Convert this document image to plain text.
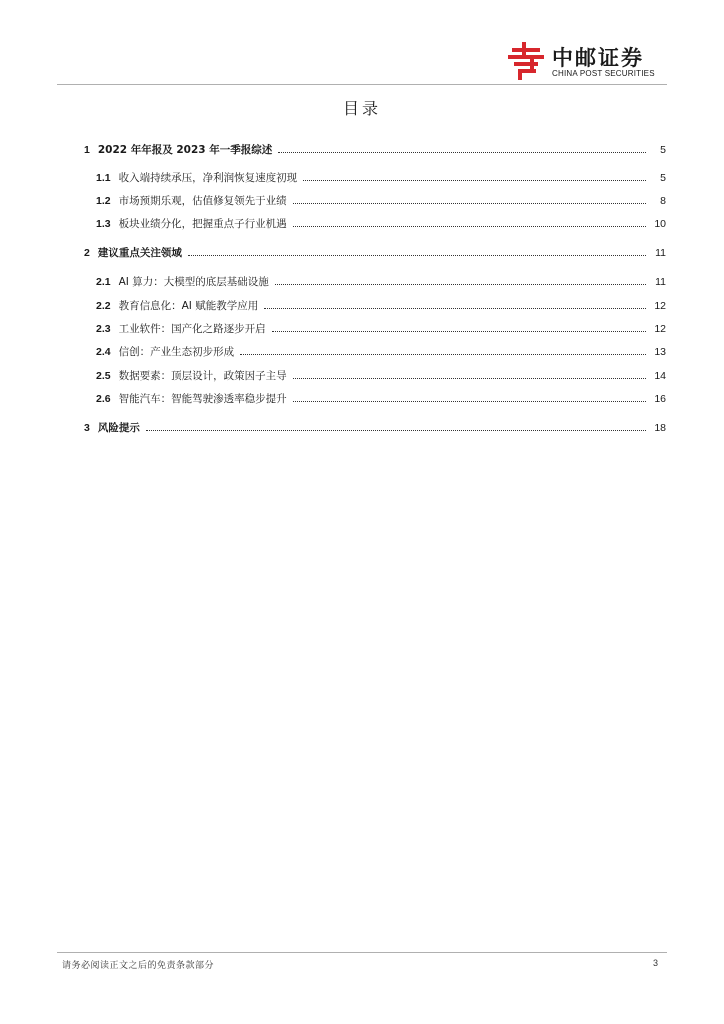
中邮证券
CHINA POST SECURITIES
目录
1 2022 年年报及 2023 年一季报综述	5
1.1 收入端持续承压，净利润恢复速度初现	5
1.2 市场预期乐观，估值修复领先于业绩	8
1.3 板块业绩分化，把握重点子行业机遇	10
2 建议重点关注领域	11
2.1 AI 算力：大模型的底层基础设施	11
2.2 教育信息化：AI 赋能教学应用	12
2.3 工业软件：国产化之路逐步开启	12
2.4 信创：产业生态初步形成	13
2.5 数据要素：顶层设计，政策因子主导	14
2.6 智能汽车：智能驾驶渗透率稳步提升	16
3 风险提示	18
请务必阅读正文之后的免责条款部分	3
